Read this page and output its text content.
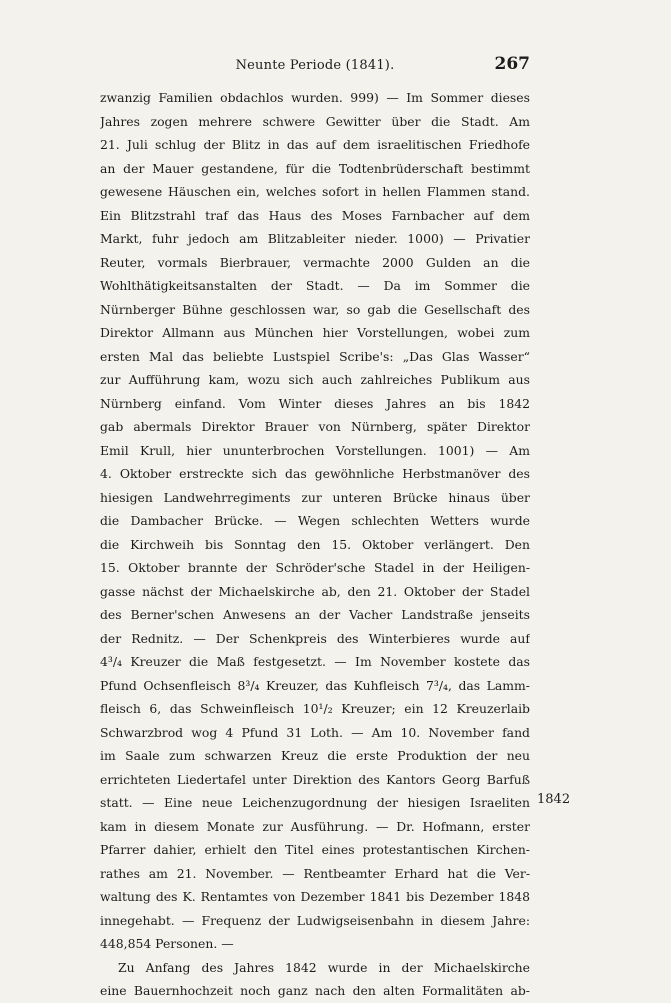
Neunte Periode (1841).	267
zwanzig Familien obdachlos wurden. 999) — Im Sommer dieses
Jahres zogen mehrere schwere Gewitter über die Stadt. Am
21. Juli schlug der Blitz in das auf dem israelitischen Friedhofe
an der Mauer gestandene, für die Todtenbrüderschaft bestimmt
gewesene Häuschen ein, welches sofort in hellen Flammen stand.
Ein Blitzstrahl traf das Haus des Moses Farnbacher auf dem
Markt, fuhr jedoch am Blitzableiter nieder. 1000) — Privatier
Reuter, vormals Bierbrauer, vermachte 2000 Gulden an die
Wohlthätigkeitsanstalten der Stadt. — Da im Sommer die
Nürnberger Bühne geschlossen war, so gab die Gesellschaft des
Direktor Allmann aus München hier Vorstellungen, wobei zum
ersten Mal das beliebte Lustspiel Scribe's: „Das Glas Wasser“
zur Aufführung kam, wozu sich auch zahlreiches Publikum aus
Nürnberg einfand. Vom Winter dieses Jahres an bis 1842
gab abermals Direktor Brauer von Nürnberg, später Direktor
Emil Krull, hier ununterbrochen Vorstellungen. 1001) — Am
4. Oktober erstreckte sich das gewöhnliche Herbstmanöver des
hiesigen Landwehrregiments zur unteren Brücke hinaus über
die Dambacher Brücke. — Wegen schlechten Wetters wurde
die Kirchweih bis Sonntag den 15. Oktober verlängert. Den
15. Oktober brannte der Schröder'sche Stadel in der Heiligen-
gasse nächst der Michaelskirche ab, den 21. Oktober der Stadel
des Berner'schen Anwesens an der Vacher Landstraße jenseits
der Rednitz. — Der Schenkpreis des Winterbieres wurde auf
4³/₄ Kreuzer die Maß festgesetzt. — Im November kostete das
Pfund Ochsenfleisch 8³/₄ Kreuzer, das Kuhfleisch 7³/₄, das Lamm-
fleisch 6, das Schweinfleisch 10¹/₂ Kreuzer; ein 12 Kreuzerlaib
Schwarzbrod wog 4 Pfund 31 Loth. — Am 10. November fand
im Saale zum schwarzen Kreuz die erste Produktion der neu
errichteten Liedertafel unter Direktion des Kantors Georg Barfuß
statt. — Eine neue Leichenzugordnung der hiesigen Israeliten
kam in diesem Monate zur Ausführung. — Dr. Hofmann, erster
Pfarrer dahier, erhielt den Titel eines protestantischen Kirchen-
rathes am 21. November. — Rentbeamter Erhard hat die Ver-
waltung des K. Rentamtes von Dezember 1841 bis Dezember 1848
innegehabt. — Frequenz der Ludwigseisenbahn in diesem Jahre:
448,854 Personen. —
Zu Anfang des Jahres 1842 wurde in der Michaelskirche
eine Bauernhochzeit noch ganz nach den alten Formalitäten ab-
1842
